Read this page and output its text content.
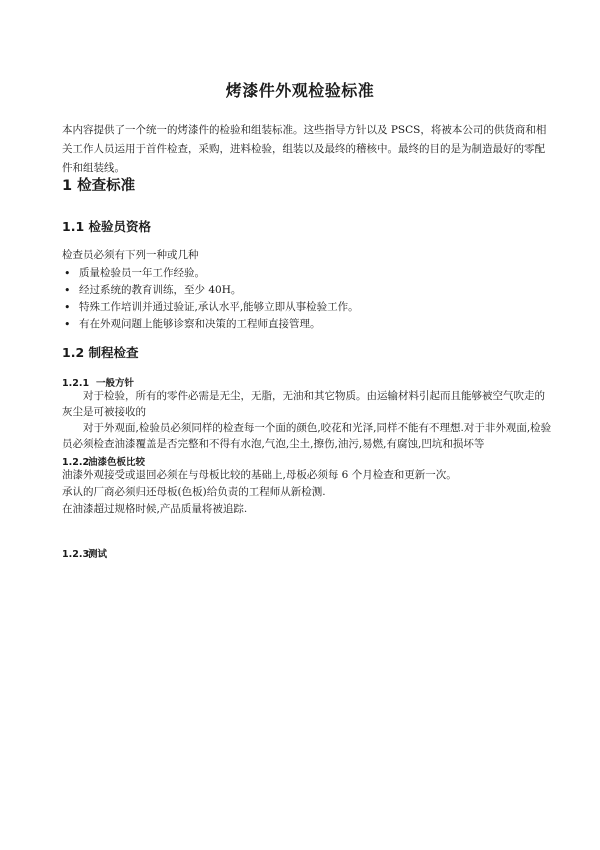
烤漆件外观检验标准
本内容提供了一个统一的烤漆件的检验和组装标准。这些指导方针以及 PSCS，将被本公司的供货商和相关工作人员运用于首件检查，采购，进料检验，组装以及最终的稽核中。最终的目的是为制造最好的零配件和组装线。
1 检查标准
1.1 检验员资格
检查员必须有下列一种或几种
• 质量检验员一年工作经验。
• 经过系统的教育训练，至少 40H。
• 特殊工作培训并通过验证,承认水平,能够立即从事检验工作。
• 有在外观问题上能够诊察和决策的工程师直接管理。
1.2 制程检查
1.2.1 一般方针
对于检验，所有的零件必需是无尘，无脂，无油和其它物质。由运输材料引起而且能够被空气吹走的灰尘是可被接收的
对于外观面,检验员必须同样的检查每一个面的颜色,咬花和光泽,同样不能有不理想.对于非外观面,检验员必须检查油漆覆盖是否完整和不得有水泡,气泡,尘土,擦伤,油污,易燃,有腐蚀,凹坑和损坏等
1.2.2油漆色板比较
油漆外观接受或退回必须在与母板比较的基础上,母板必须每 6 个月检查和更新一次。
承认的厂商必须归还母板(色板)给负责的工程师从新检测.
在油漆超过规格时候,产品质量将被追踪.
1.2.3测试
